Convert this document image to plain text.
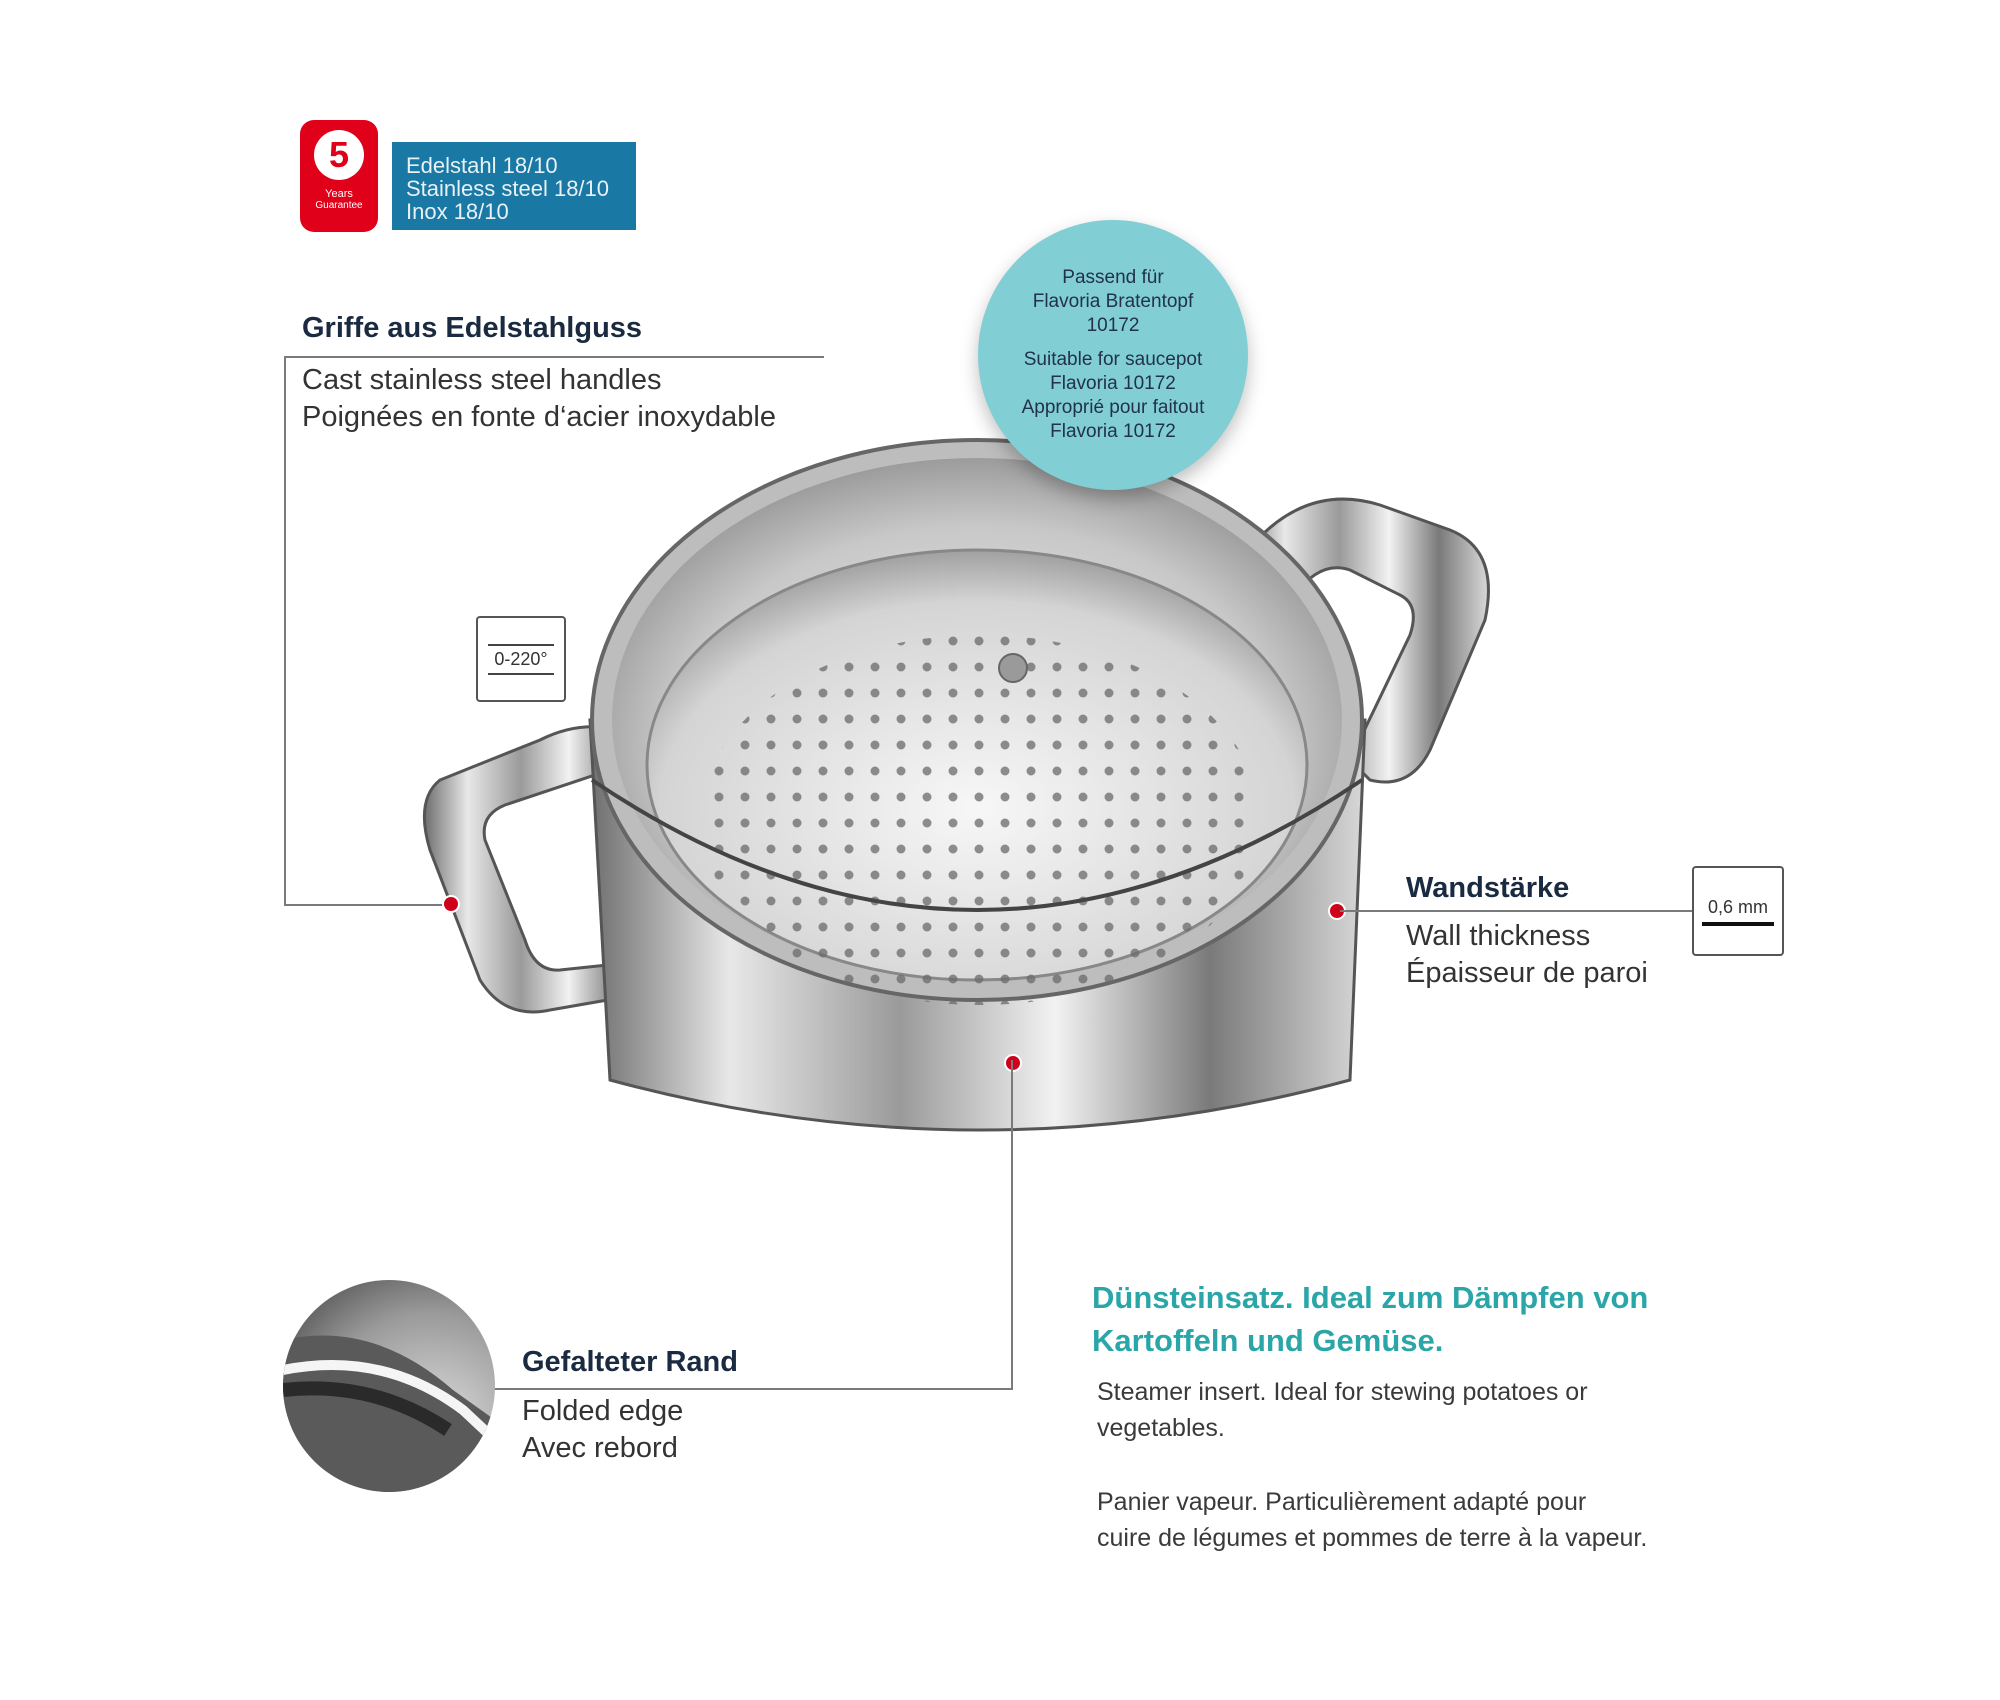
5
Years
Guarantee
Edelstahl 18/10
Stainless steel 18/10
Inox 18/10
Griffe aus Edelstahlguss
Cast stainless steel handles
Poignées en fonte d‘acier inoxydable
0-220°
Passend für
Flavoria Bratentopf
10172
Suitable for saucepot
Flavoria 10172
Approprié pour faitout
Flavoria 10172
Wandstärke
Wall thickness
Épaisseur de paroi
0,6 mm
Gefalteter Rand
Folded edge
Avec rebord
Dünsteinsatz. Ideal zum Dämpfen von
Kartoffeln und Gemüse.
Steamer insert. Ideal for stewing potatoes or
vegetables.
Panier vapeur. Particulièrement adapté pour
cuire de légumes et pommes de terre à la vapeur.
